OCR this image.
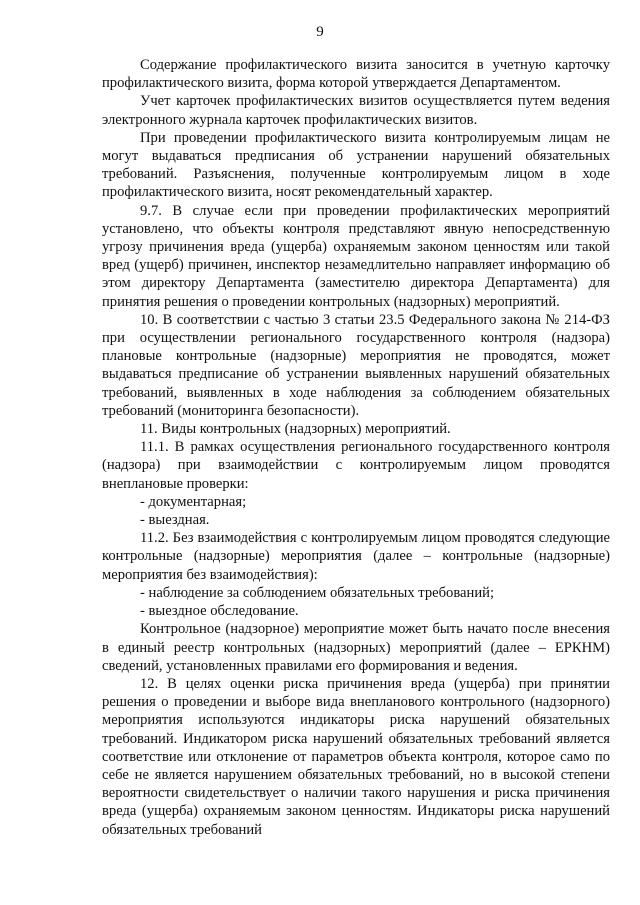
9

Содержание профилактического визита заносится в учетную карточку профилактического визита, форма которой утверждается Департаментом.

Учет карточек профилактических визитов осуществляется путем ведения электронного журнала карточек профилактических визитов.

При проведении профилактического визита контролируемым лицам не могут выдаваться предписания об устранении нарушений обязательных требований. Разъяснения, полученные контролируемым лицом в ходе профилактического визита, носят рекомендательный характер.

9.7. В случае если при проведении профилактических мероприятий установлено, что объекты контроля представляют явную непосредственную угрозу причинения вреда (ущерба) охраняемым законом ценностям или такой вред (ущерб) причинен, инспектор незамедлительно направляет информацию об этом директору Департамента (заместителю директора Департамента) для принятия решения о проведении контрольных (надзорных) мероприятий.

10. В соответствии с частью 3 статьи 23.5 Федерального закона № 214-ФЗ при осуществлении регионального государственного контроля (надзора) плановые контрольные (надзорные) мероприятия не проводятся, может выдаваться предписание об устранении выявленных нарушений обязательных требований, выявленных в ходе наблюдения за соблюдением обязательных требований (мониторинга безопасности).

11. Виды контрольных (надзорных) мероприятий.

11.1. В рамках осуществления регионального государственного контроля (надзора) при взаимодействии с контролируемым лицом проводятся внеплановые проверки:

- документарная;

- выездная.

11.2. Без взаимодействия с контролируемым лицом проводятся следующие контрольные (надзорные) мероприятия (далее – контрольные (надзорные) мероприятия без взаимодействия):

- наблюдение за соблюдением обязательных требований;

- выездное обследование.

Контрольное (надзорное) мероприятие может быть начато после внесения в единый реестр контрольных (надзорных) мероприятий (далее – ЕРКНМ) сведений, установленных правилами его формирования и ведения.

12. В целях оценки риска причинения вреда (ущерба) при принятии решения о проведении и выборе вида внепланового контрольного (надзорного) мероприятия используются индикаторы риска нарушений обязательных требований. Индикатором риска нарушений обязательных требований является соответствие или отклонение от параметров объекта контроля, которое само по себе не является нарушением обязательных требований, но в высокой степени вероятности свидетельствует о наличии такого нарушения и риска причинения вреда (ущерба) охраняемым законом ценностям. Индикаторы риска нарушений обязательных требований
